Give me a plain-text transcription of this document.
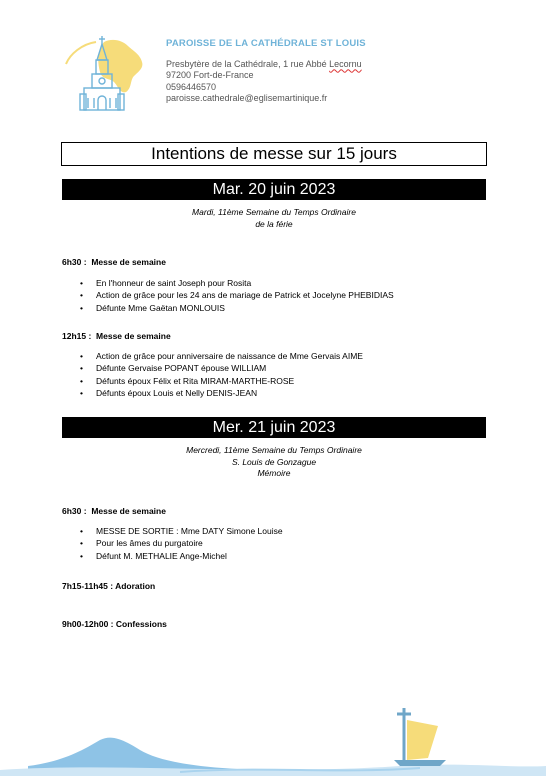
PAROISSE DE LA CATHÉDRALE ST LOUIS
Presbytère de la Cathédrale, 1 rue Abbé Lecornu
97200 Fort-de-France
0596446570
paroisse.cathedrale@eglisemartinique.fr
Intentions de messe sur 15 jours
Mar. 20 juin 2023
Mardi, 11ème Semaine du Temps Ordinaire
de la férie
6h30 : Messe de semaine
• En l'honneur de saint Joseph pour Rosita
• Action de grâce pour les 24 ans de mariage de Patrick et Jocelyne PHEBIDIAS
• Défunte Mme Gaëtan MONLOUIS
12h15 : Messe de semaine
• Action de grâce pour anniversaire de naissance de Mme Gervais AIME
• Défunte Gervaise POPANT épouse WILLIAM
• Défunts époux Félix et Rita MIRAM-MARTHE-ROSE
• Défunts époux Louis et Nelly DENIS-JEAN
Mer. 21 juin 2023
Mercredi, 11ème Semaine du Temps Ordinaire
S. Louis de Gonzague
Mémoire
6h30 : Messe de semaine
• MESSE DE SORTIE : Mme DATY Simone Louise
• Pour les âmes du purgatoire
• Défunt M. METHALIE Ange-Michel
7h15-11h45 : Adoration
9h00-12h00 : Confessions
